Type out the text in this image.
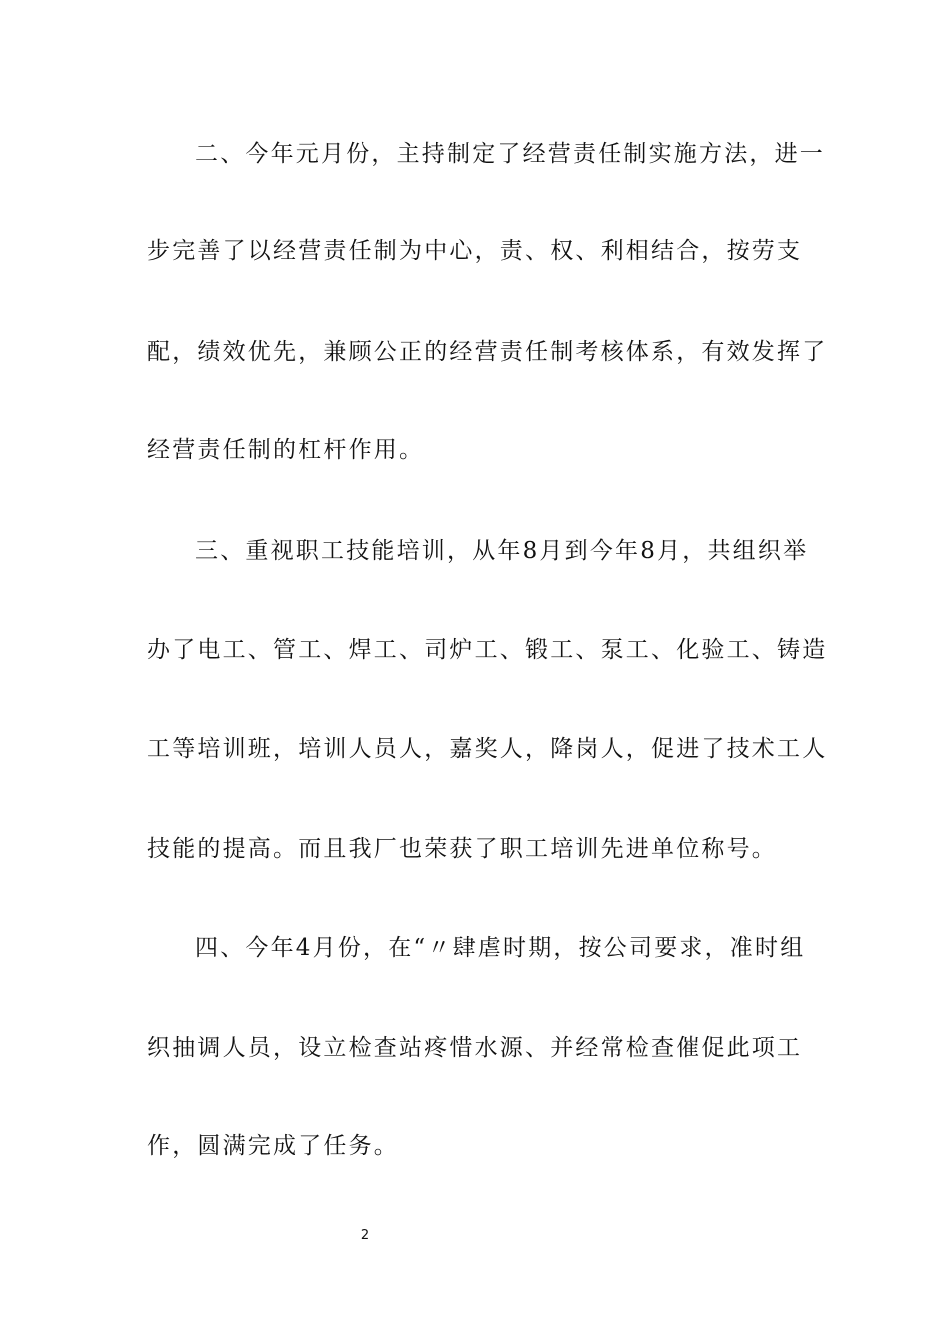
二、今年元月份，主持制定了经营责任制实施方法，进一
步完善了以经营责任制为中心，责、权、利相结合，按劳支
配，绩效优先，兼顾公正的经营责任制考核体系，有效发挥了
经营责任制的杠杆作用。
三、重视职工技能培训，从年8月到今年8月，共组织举
办了电工、管工、焊工、司炉工、锻工、泵工、化验工、铸造
工等培训班，培训人员人，嘉奖人，降岗人，促进了技术工人
技能的提高。而且我厂也荣获了职工培训先进单位称号。
四、今年4月份，在“〃肆虐时期，按公司要求，准时组
织抽调人员，设立检查站疼惜水源、并经常检查催促此项工
作，圆满完成了任务。
2
